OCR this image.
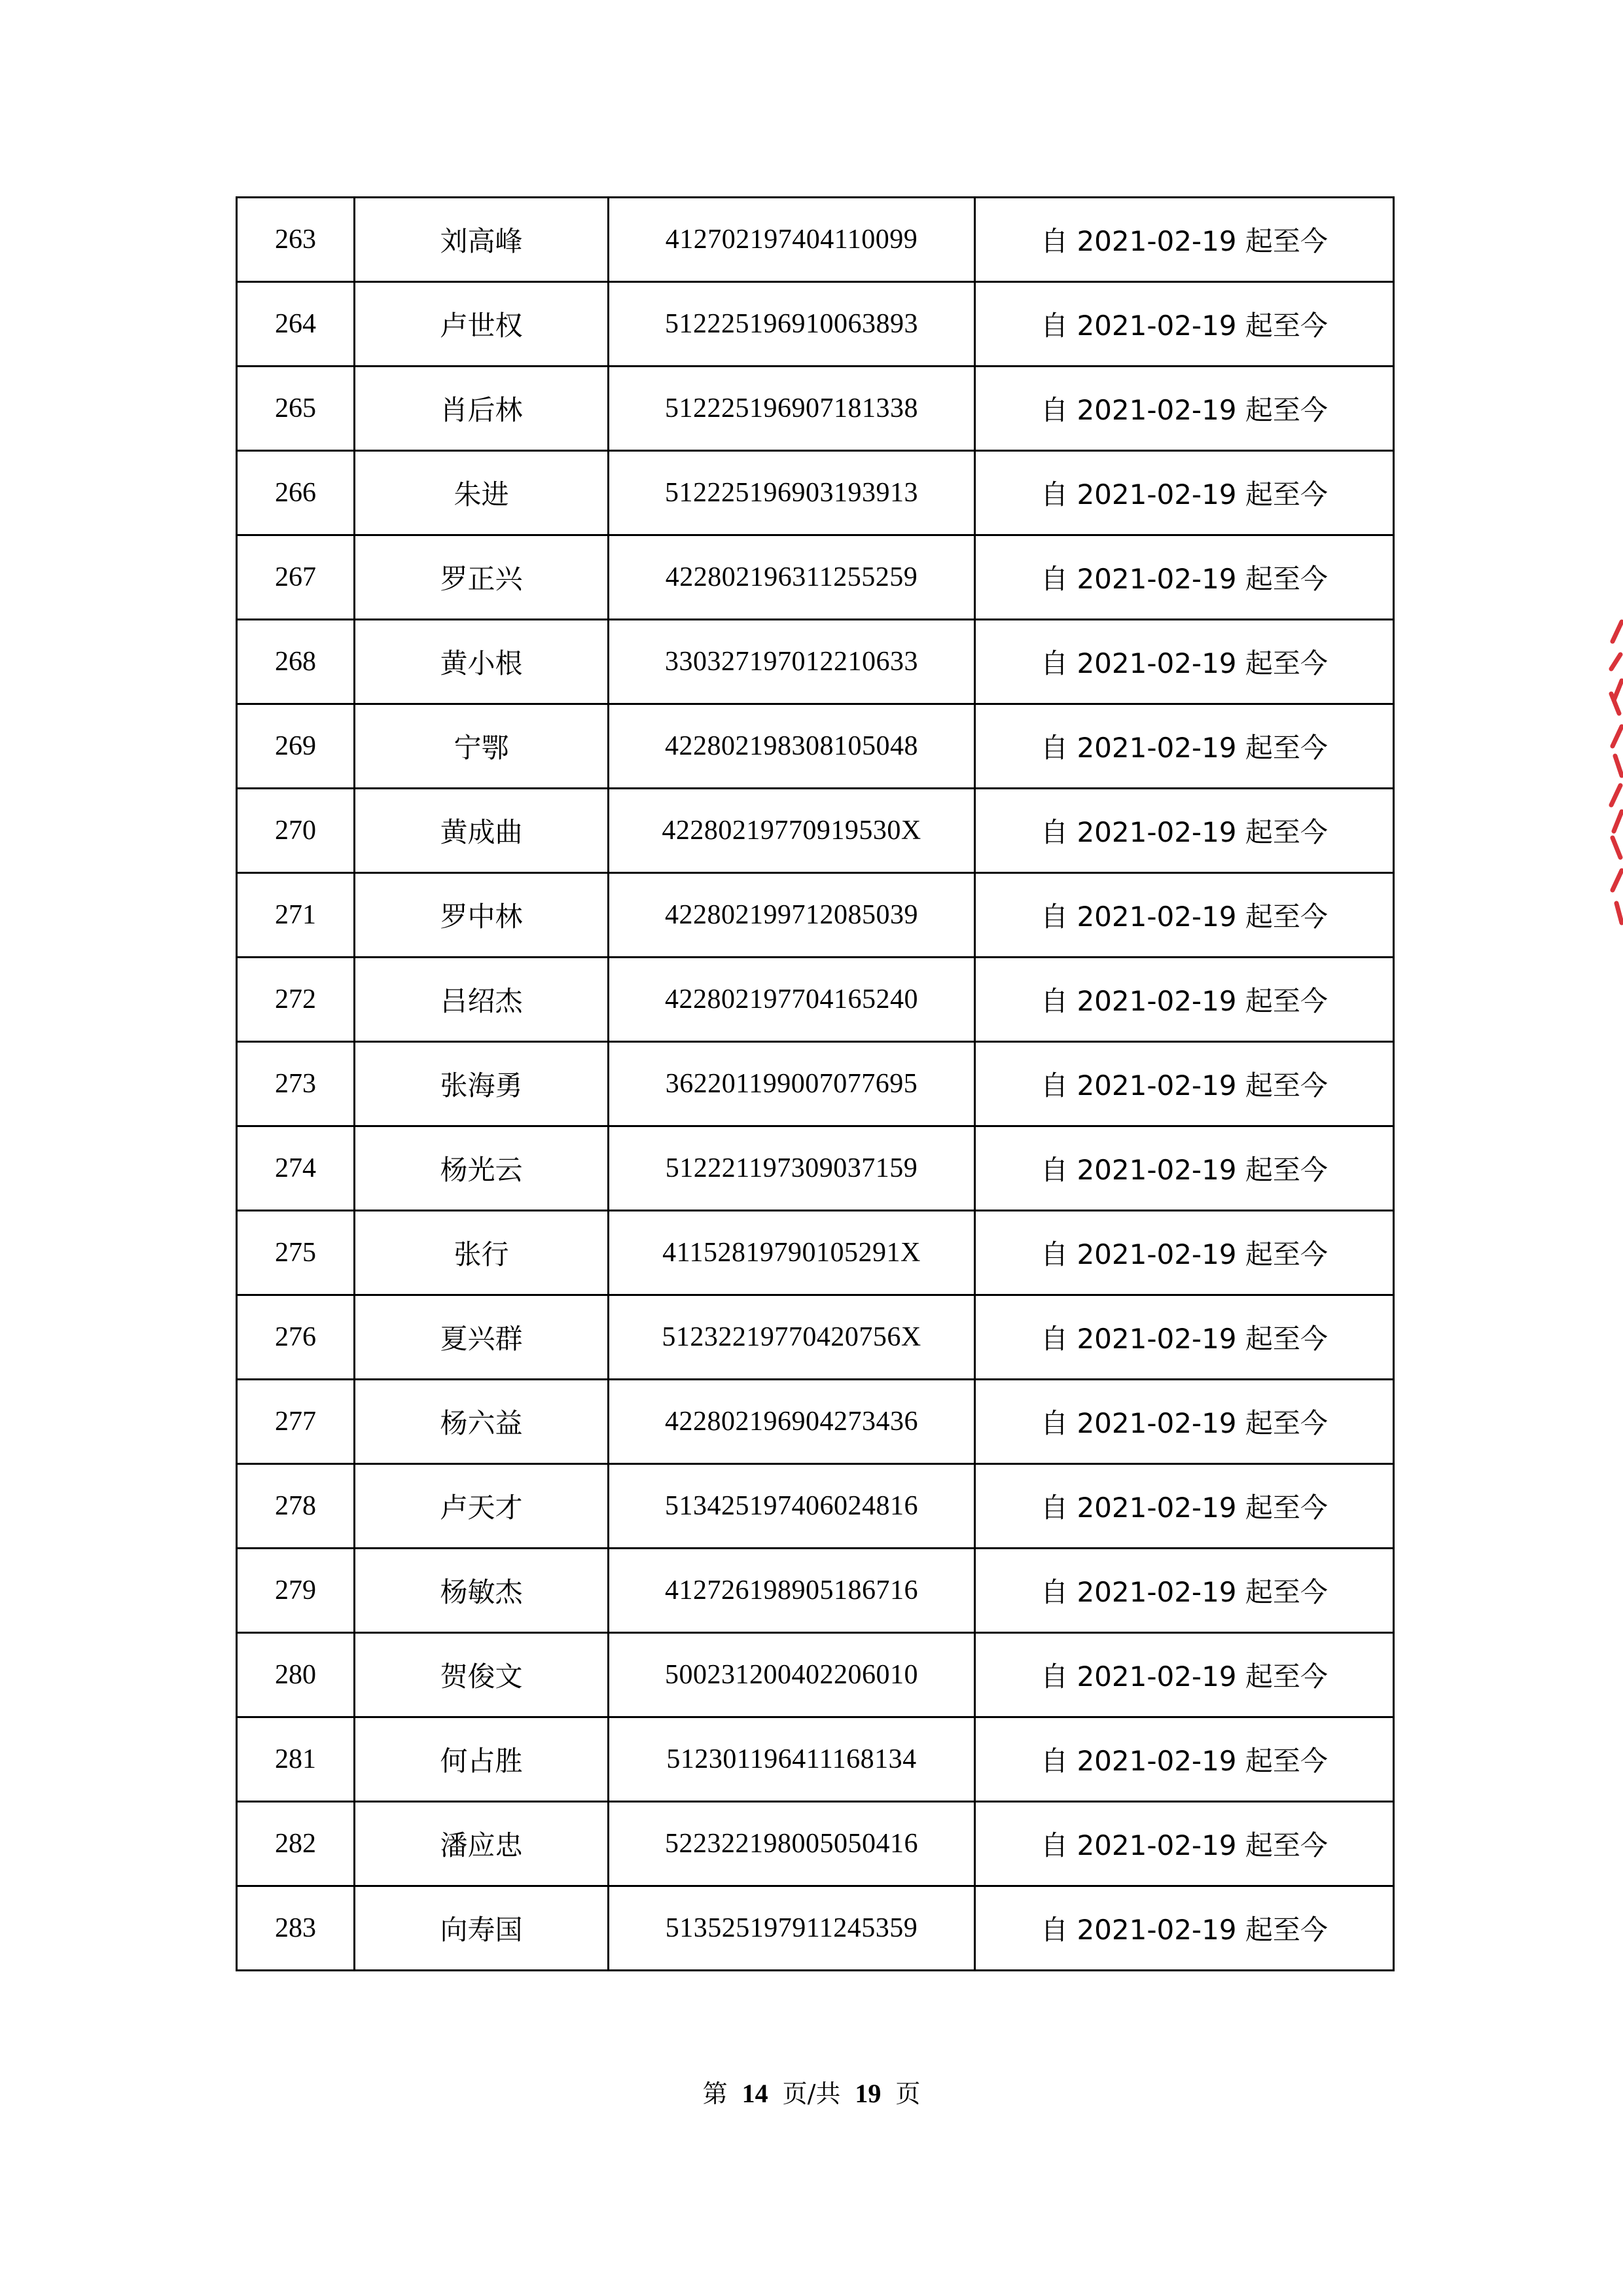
263	刘高峰	412702197404110099	自 2021-02-19 起至今
264	卢世权	512225196910063893	自 2021-02-19 起至今
265	肖后林	512225196907181338	自 2021-02-19 起至今
266	朱进	512225196903193913	自 2021-02-19 起至今
267	罗正兴	422802196311255259	自 2021-02-19 起至今
268	黄小根	330327197012210633	自 2021-02-19 起至今
269	宁鄂	422802198308105048	自 2021-02-19 起至今
270	黄成曲	42280219770919530X	自 2021-02-19 起至今
271	罗中林	422802199712085039	自 2021-02-19 起至今
272	吕绍杰	422802197704165240	自 2021-02-19 起至今
273	张海勇	362201199007077695	自 2021-02-19 起至今
274	杨光云	512221197309037159	自 2021-02-19 起至今
275	张行	41152819790105291X	自 2021-02-19 起至今
276	夏兴群	51232219770420756X	自 2021-02-19 起至今
277	杨六益	422802196904273436	自 2021-02-19 起至今
278	卢天才	513425197406024816	自 2021-02-19 起至今
279	杨敏杰	412726198905186716	自 2021-02-19 起至今
280	贺俊文	500231200402206010	自 2021-02-19 起至今
281	何占胜	512301196411168134	自 2021-02-19 起至今
282	潘应忠	522322198005050416	自 2021-02-19 起至今
283	向寿国	513525197911245359	自 2021-02-19 起至今
第 14 页/共 19 页
